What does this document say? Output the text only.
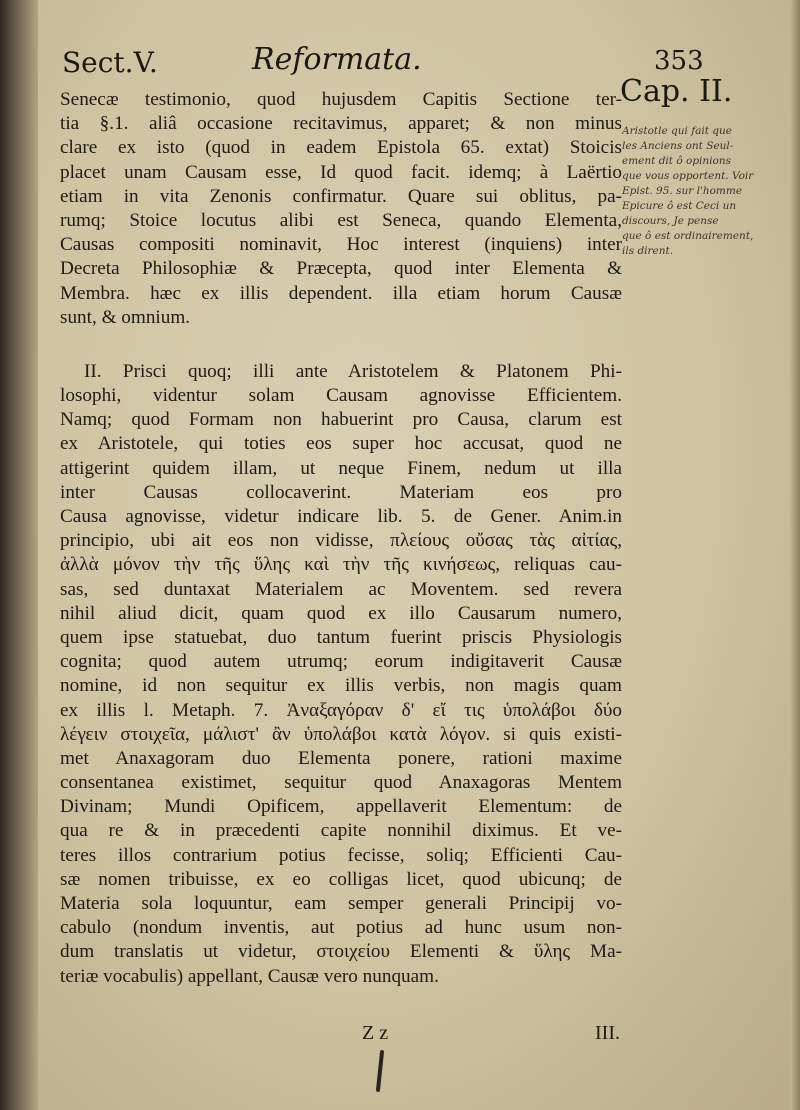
Sect.V.	Reformata.	353
Cap. II.
Senecæ testimonio, quod hujusdem Capitis Sectione ter-
tia §.1. aliâ occasione recitavimus, apparet; & non minus
clare ex isto (quod in eadem Epistola 65. extat) Stoicis
placet unam Causam esse, Id quod facit. idemq; à Laërtio
etiam in vita Zenonis confirmatur. Quare sui oblitus, pa-
rumq; Stoice locutus alibi est Seneca, quando Elementa,
Causas compositi nominavit, Hoc interest (inquiens) inter
Decreta Philosophiæ & Præcepta, quod inter Elementa &
Membra. hæc ex illis dependent. illa etiam horum Causæ
sunt, & omnium.
II. Prisci quoq; illi ante Aristotelem & Platonem Phi-
losophi, videntur solam Causam agnovisse Efficientem.
Namq; quod Formam non habuerint pro Causa, clarum est
ex Aristotele, qui toties eos super hoc accusat, quod ne
attigerint quidem illam, ut neque Finem, nedum ut illa
inter Causas collocaverint. Materiam eos pro
Causa agnovisse, videtur indicare lib. 5. de Gener. Anim.in
principio, ubi ait eos non vidisse, πλείους οὔσας τὰς αἰτίας,
ἀλλὰ μόνον τὴν τῆς ὕλης καὶ τὴν τῆς κινήσεως, reliquas cau-
sas, sed duntaxat Materialem ac Moventem. sed revera
nihil aliud dicit, quam quod ex illo Causarum numero,
quem ipse statuebat, duo tantum fuerint priscis Physiologis
cognita; quod autem utrumq; eorum indigitaverit Causæ
nomine, id non sequitur ex illis verbis, non magis quam
ex illis l. Metaph. 7. Ἀναξαγόραν δ' εἴ τις ὑπολάβοι δύο
λέγειν στοιχεῖα, μάλιστ' ἂν ὑπολάβοι κατὰ λόγον. si quis existi-
met Anaxagoram duo Elementa ponere, rationi maxime
consentanea existimet, sequitur quod Anaxagoras Mentem
Divinam; Mundi Opificem, appellaverit Elementum: de
qua re & in præcedenti capite nonnihil diximus. Et ve-
teres illos contrarium potius fecisse, soliq; Efficienti Cau-
sæ nomen tribuisse, ex eo colligas licet, quod ubicunq; de
Materia sola loquuntur, eam semper generali Principij vo-
cabulo (nondum inventis, aut potius ad hunc usum non-
dum translatis ut videtur, στοιχείου Elementi & ὕλης Ma-
teriæ vocabulis) appellant, Causæ vero nunquam.
Aristotle qui fait que
les Anciens ont Seul-
ement dit ô opinions
que vous opportent. Voir
Epist. 95. sur l'homme
Epicure ô est Ceci un
discours, Je pense
que ô est ordinairement,
ils dirent.
Z z	III.
